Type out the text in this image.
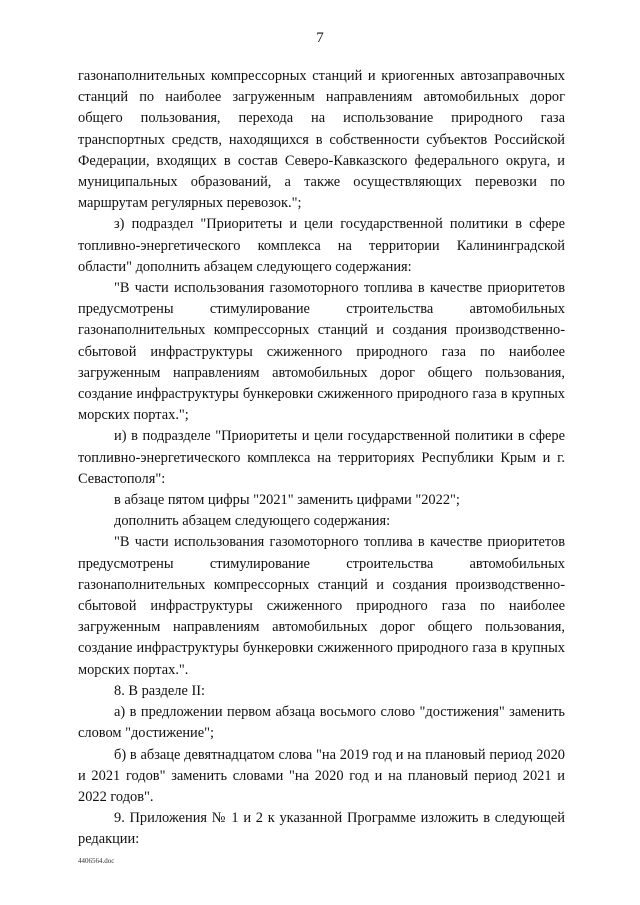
7

газонаполнительных компрессорных станций и криогенных автозаправочных станций по наиболее загруженным направлениям автомобильных дорог общего пользования, перехода на использование природного газа транспортных средств, находящихся в собственности субъектов Российской Федерации, входящих в состав Северо-Кавказского федерального округа, и муниципальных образований, а также осуществляющих перевозки по маршрутам регулярных перевозок.";

з) подраздел "Приоритеты и цели государственной политики в сфере топливно-энергетического комплекса на территории Калининградской области" дополнить абзацем следующего содержания:

"В части использования газомоторного топлива в качестве приоритетов предусмотрены стимулирование строительства автомобильных газонаполнительных компрессорных станций и создания производственно-сбытовой инфраструктуры сжиженного природного газа по наиболее загруженным направлениям автомобильных дорог общего пользования, создание инфраструктуры бункеровки сжиженного природного газа в крупных морских портах.";

и) в подразделе "Приоритеты и цели государственной политики в сфере топливно-энергетического комплекса на территориях Республики Крым и г. Севастополя":

в абзаце пятом цифры "2021" заменить цифрами "2022";

дополнить абзацем следующего содержания:

"В части использования газомоторного топлива в качестве приоритетов предусмотрены стимулирование строительства автомобильных газонаполнительных компрессорных станций и создания производственно-сбытовой инфраструктуры сжиженного природного газа по наиболее загруженным направлениям автомобильных дорог общего пользования, создание инфраструктуры бункеровки сжиженного природного газа в крупных морских портах.".

8. В разделе II:

а) в предложении первом абзаца восьмого слово "достижения" заменить словом "достижение";

б) в абзаце девятнадцатом слова "на 2019 год и на плановый период 2020 и 2021 годов" заменить словами "на 2020 год и на плановый период 2021 и 2022 годов".

9. Приложения № 1 и 2 к указанной Программе изложить в следующей редакции:

4406564.doc
